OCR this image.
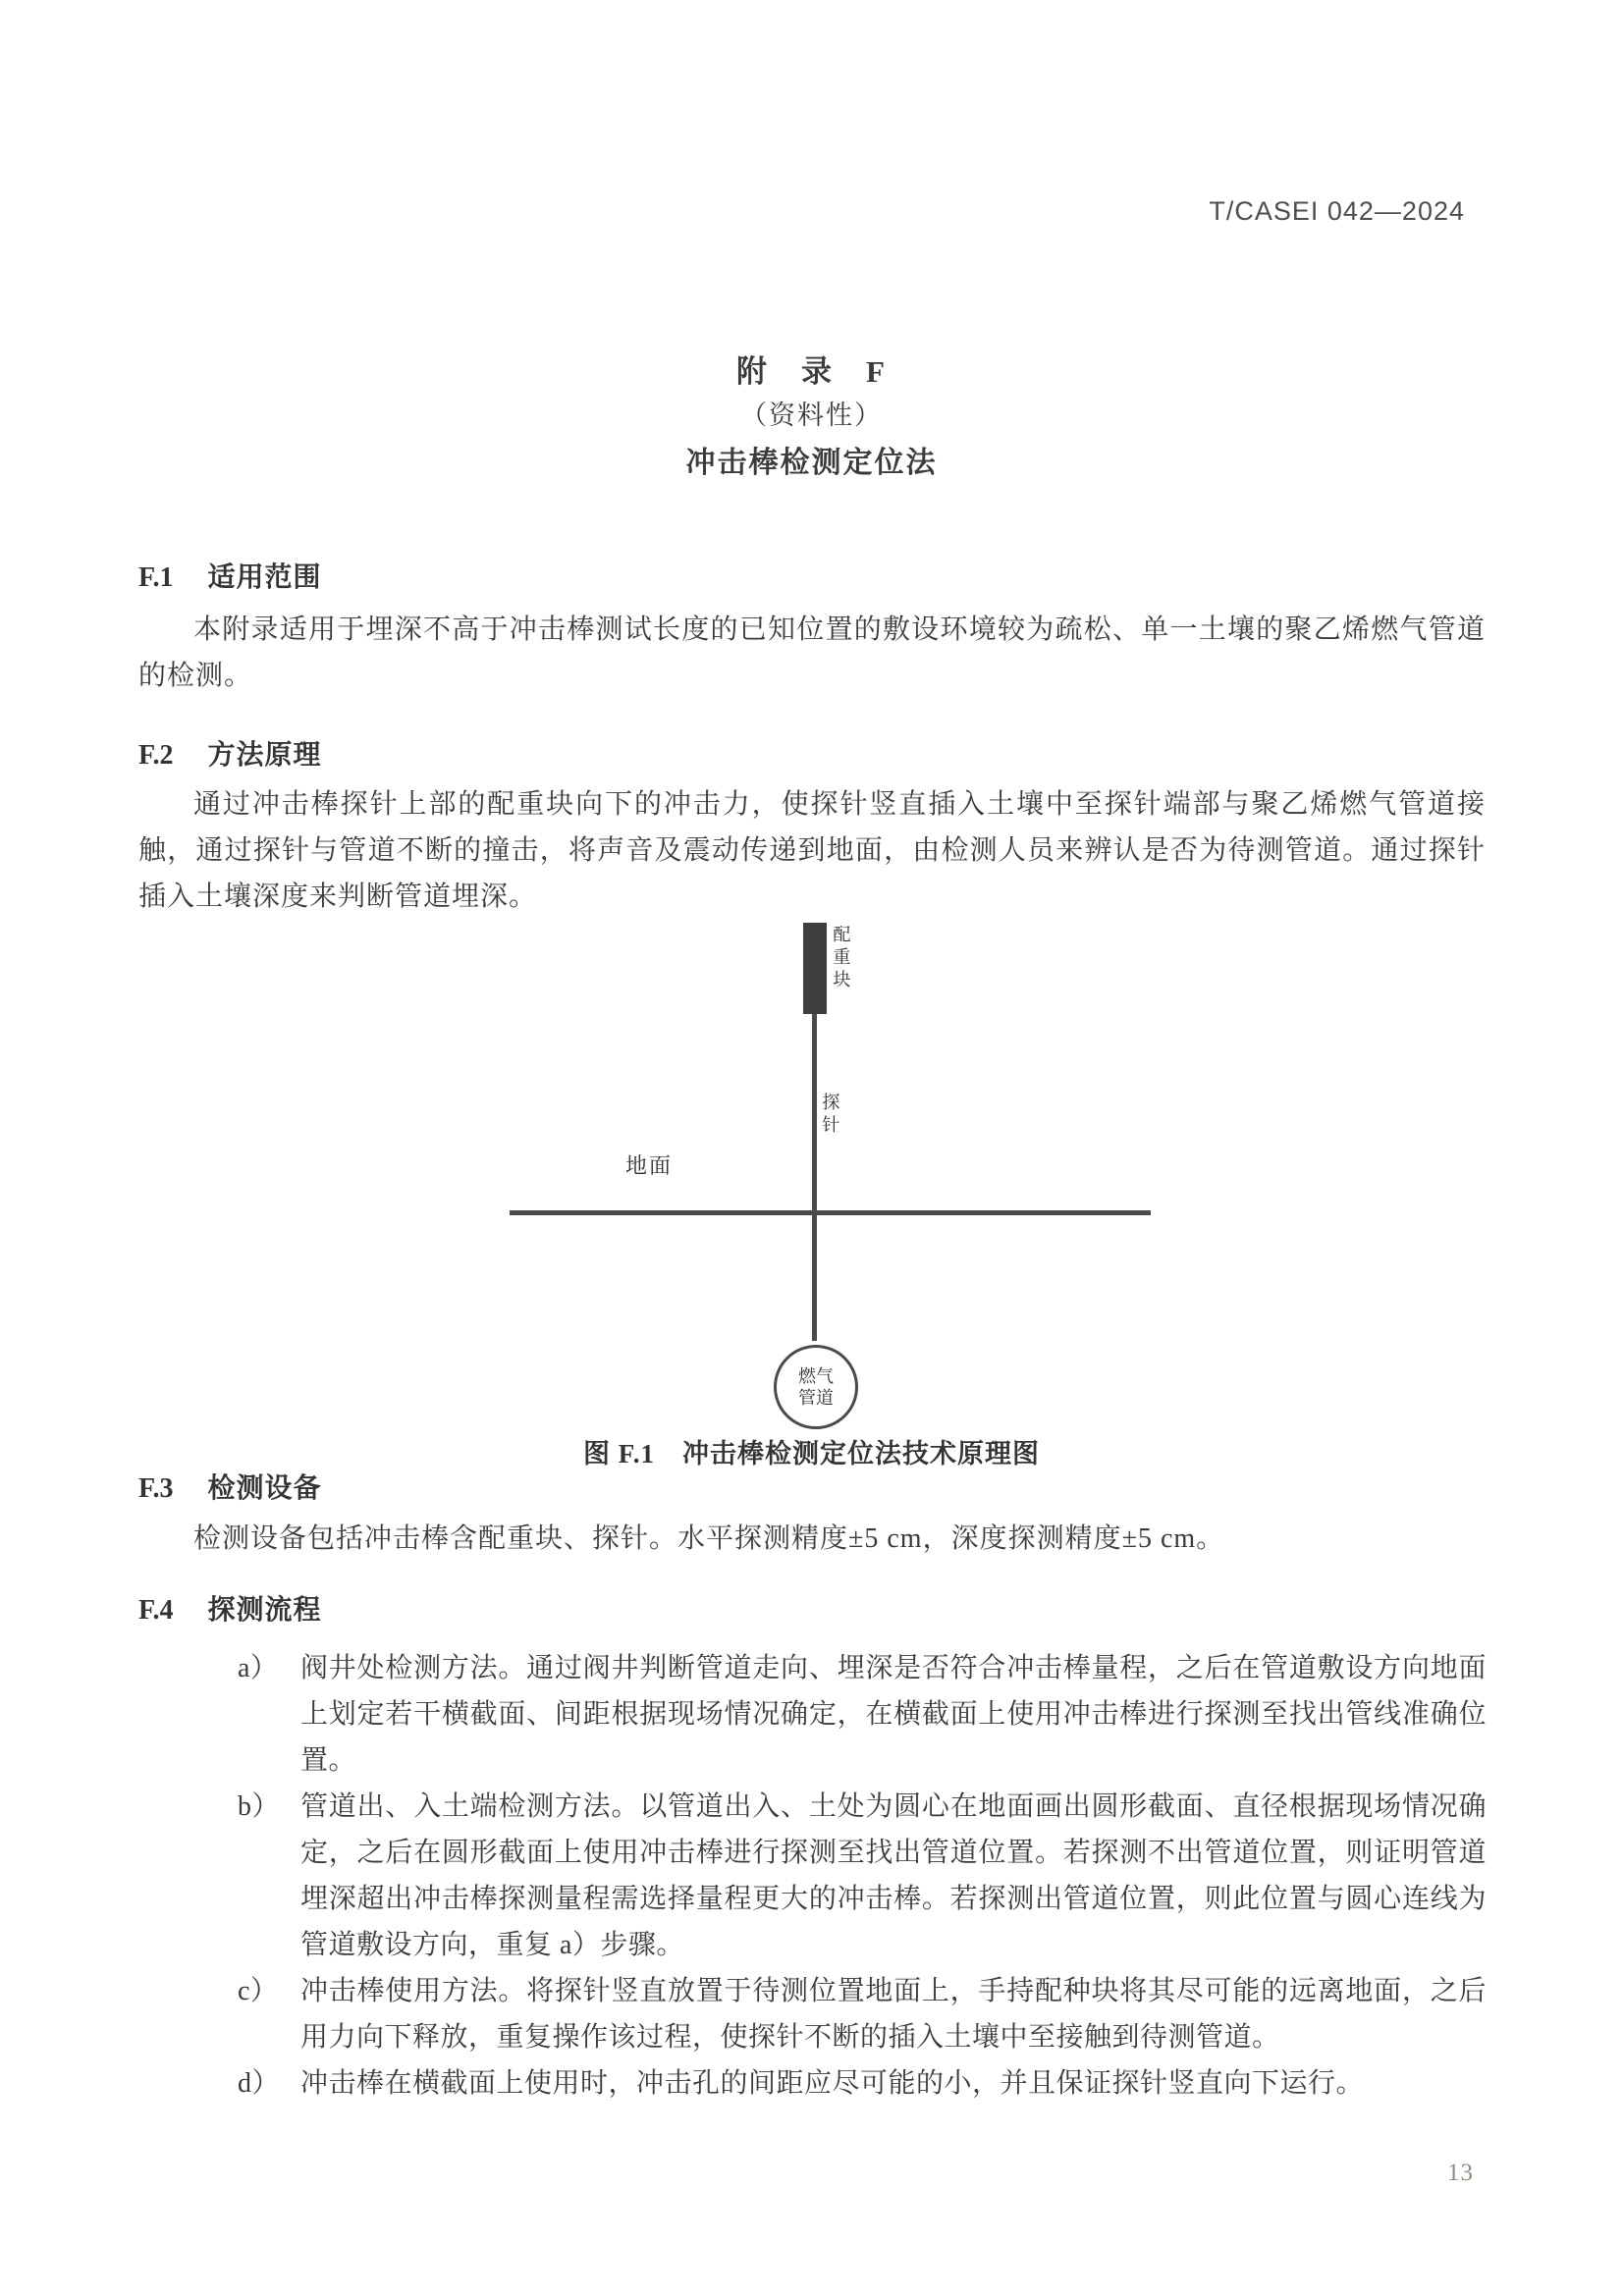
T/CASEI 042—2024
附　录　F
（资料性）
冲击棒检测定位法
F.1 适用范围
本附录适用于埋深不高于冲击棒测试长度的已知位置的敷设环境较为疏松、单一土壤的聚乙烯燃气管道的检测。
F.2 方法原理
通过冲击棒探针上部的配重块向下的冲击力，使探针竖直插入土壤中至探针端部与聚乙烯燃气管道接触，通过探针与管道不断的撞击，将声音及震动传递到地面，由检测人员来辨认是否为待测管道。通过探针插入土壤深度来判断管道埋深。
配重块
探针
地面
燃气
管道
图 F.1　冲击棒检测定位法技术原理图
F.3 检测设备
检测设备包括冲击棒含配重块、探针。水平探测精度±5 cm，深度探测精度±5 cm。
F.4 探测流程
a） 阀井处检测方法。通过阀井判断管道走向、埋深是否符合冲击棒量程，之后在管道敷设方向地面上划定若干横截面、间距根据现场情况确定，在横截面上使用冲击棒进行探测至找出管线准确位置。
b） 管道出、入土端检测方法。以管道出入、土处为圆心在地面画出圆形截面、直径根据现场情况确定，之后在圆形截面上使用冲击棒进行探测至找出管道位置。若探测不出管道位置，则证明管道埋深超出冲击棒探测量程需选择量程更大的冲击棒。若探测出管道位置，则此位置与圆心连线为管道敷设方向，重复 a）步骤。
c） 冲击棒使用方法。将探针竖直放置于待测位置地面上，手持配种块将其尽可能的远离地面，之后用力向下释放，重复操作该过程，使探针不断的插入土壤中至接触到待测管道。
d） 冲击棒在横截面上使用时，冲击孔的间距应尽可能的小，并且保证探针竖直向下运行。
13
